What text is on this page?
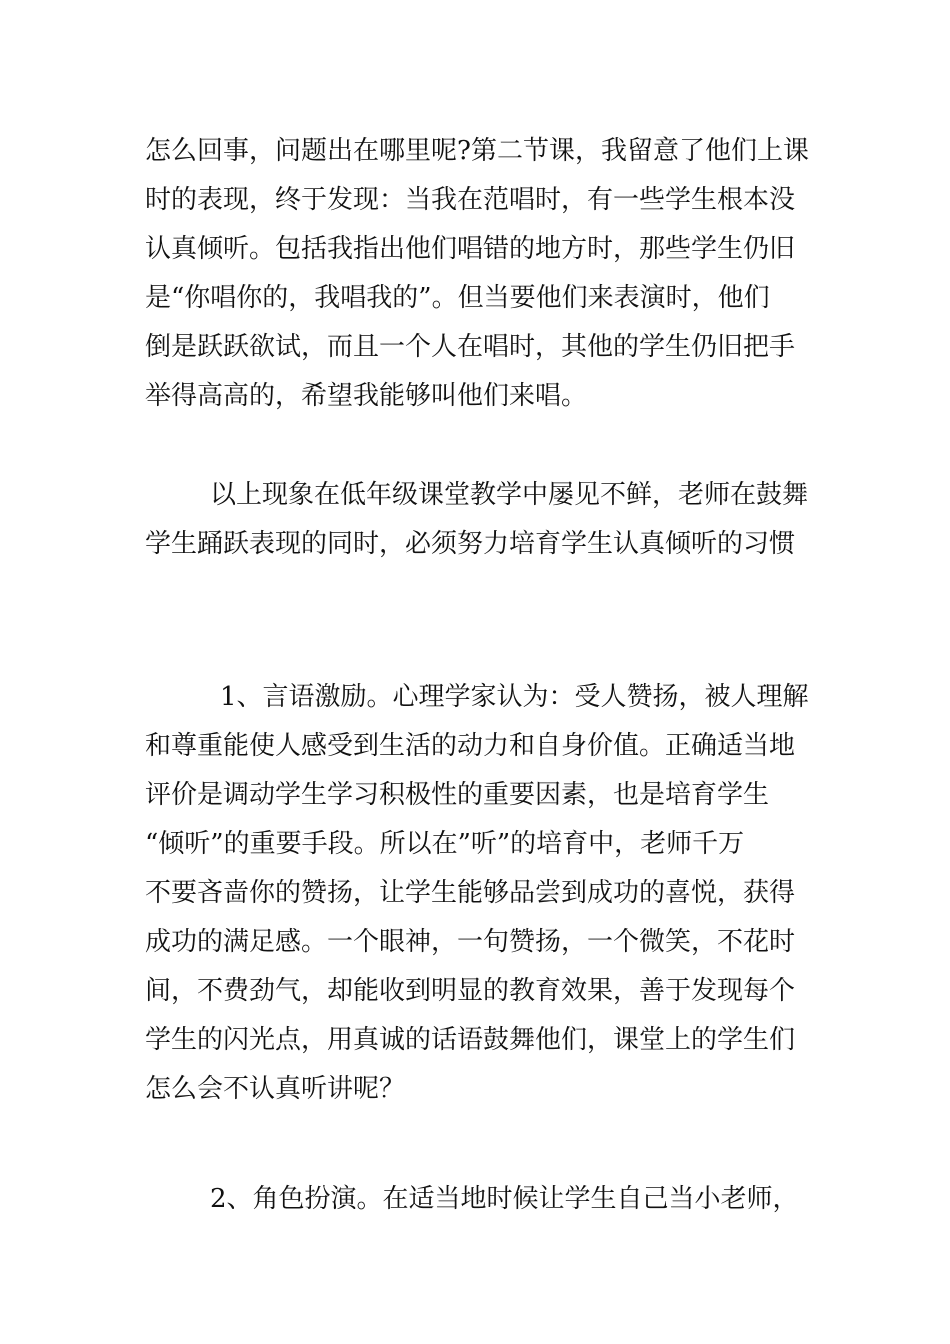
怎么回事，问题出在哪里呢?第二节课，我留意了他们上课
时的表现，终于发现：当我在范唱时，有一些学生根本没
认真倾听。包括我指出他们唱错的地方时，那些学生仍旧
是“你唱你的，我唱我的”。但当要他们来表演时，他们
倒是跃跃欲试，而且一个人在唱时，其他的学生仍旧把手
举得高高的，希望我能够叫他们来唱。
以上现象在低年级课堂教学中屡见不鲜，老师在鼓舞
学生踊跃表现的同时，必须努力培育学生认真倾听的习惯
1、言语激励。心理学家认为：受人赞扬，被人理解
和尊重能使人感受到生活的动力和自身价值。正确适当地
评价是调动学生学习积极性的重要因素，也是培育学生
“倾听”的重要手段。所以在”听”的培育中，老师千万
不要吝啬你的赞扬，让学生能够品尝到成功的喜悦，获得
成功的满足感。一个眼神，一句赞扬，一个微笑，不花时
间，不费劲气，却能收到明显的教育效果，善于发现每个
学生的闪光点，用真诚的话语鼓舞他们，课堂上的学生们
怎么会不认真听讲呢？
2、角色扮演。在适当地时候让学生自己当小老师，
